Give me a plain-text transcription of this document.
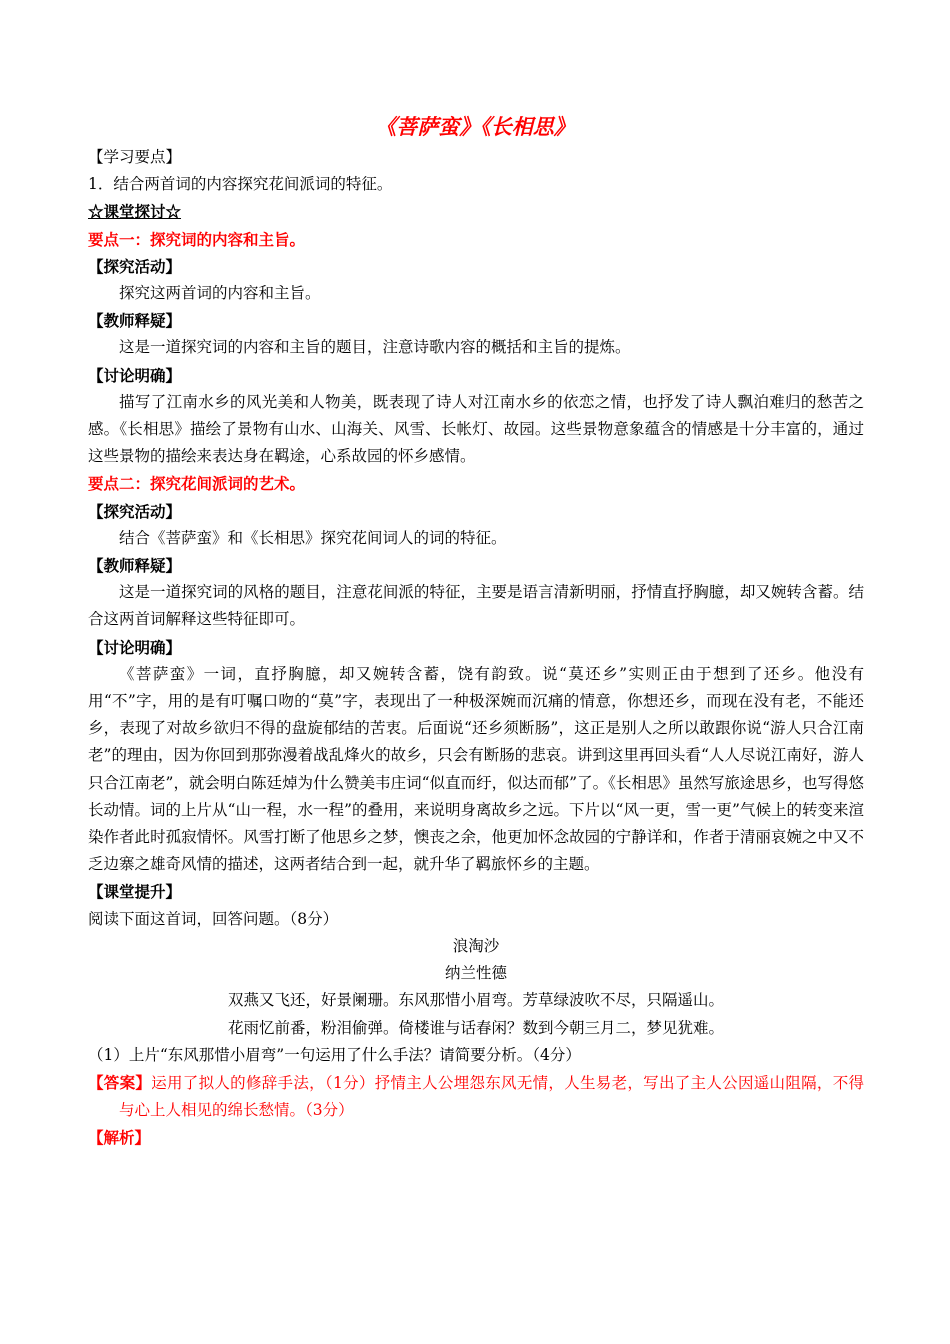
《菩萨蛮》《长相思》

【学习要点】

1．结合两首词的内容探究花间派词的特征。

☆课堂探讨☆

要点一：探究词的内容和主旨。

【探究活动】

探究这两首词的内容和主旨。

【教师释疑】

这是一道探究词的内容和主旨的题目，注意诗歌内容的概括和主旨的提炼。

【讨论明确】

描写了江南水乡的风光美和人物美，既表现了诗人对江南水乡的依恋之情，也抒发了诗人飘泊难归的愁苦之感。《长相思》描绘了景物有山水、山海关、风雪、长帐灯、故园。这些景物意象蕴含的情感是十分丰富的，通过这些景物的描绘来表达身在羁途，心系故园的怀乡感情。

要点二：探究花间派词的艺术。

【探究活动】

结合《菩萨蛮》和《长相思》探究花间词人的词的特征。

【教师释疑】

这是一道探究词的风格的题目，注意花间派的特征，主要是语言清新明丽，抒情直抒胸臆，却又婉转含蓄。结合这两首词解释这些特征即可。

【讨论明确】

《菩萨蛮》一词，直抒胸臆，却又婉转含蓄，饶有韵致。说“莫还乡”实则正由于想到了还乡。他没有用“不”字，用的是有叮嘱口吻的“莫”字，表现出了一种极深婉而沉痛的情意，你想还乡，而现在没有老，不能还乡，表现了对故乡欲归不得的盘旋郁结的苦衷。后面说“还乡须断肠”，这正是别人之所以敢跟你说“游人只合江南老”的理由，因为你回到那弥漫着战乱烽火的故乡，只会有断肠的悲哀。讲到这里再回头看“人人尽说江南好，游人只合江南老”，就会明白陈廷焯为什么赞美韦庄词“似直而纡，似达而郁”了。《长相思》虽然写旅途思乡，也写得悠长动情。词的上片从“山一程，水一程”的叠用，来说明身离故乡之远。下片以“风一更，雪一更”气候上的转变来渲染作者此时孤寂情怀。风雪打断了他思乡之梦，懊丧之余，他更加怀念故园的宁静详和，作者于清丽哀婉之中又不乏边寨之雄奇风情的描述，这两者结合到一起，就升华了羁旅怀乡的主题。

【课堂提升】

阅读下面这首词，回答问题。（8分）

浪淘沙

纳兰性德

双燕又飞还，好景阑珊。东风那惜小眉弯。芳草绿波吹不尽，只隔遥山。

花雨忆前番，粉泪偷弹。倚楼谁与话春闲？数到今朝三月二，梦见犹难。

（1）上片“东风那惜小眉弯”一句运用了什么手法？请简要分析。（4分）

【答案】运用了拟人的修辞手法，（1分）抒情主人公埋怨东风无情，人生易老，写出了主人公因遥山阻隔，不得与心上人相见的绵长愁情。（3分）

【解析】
